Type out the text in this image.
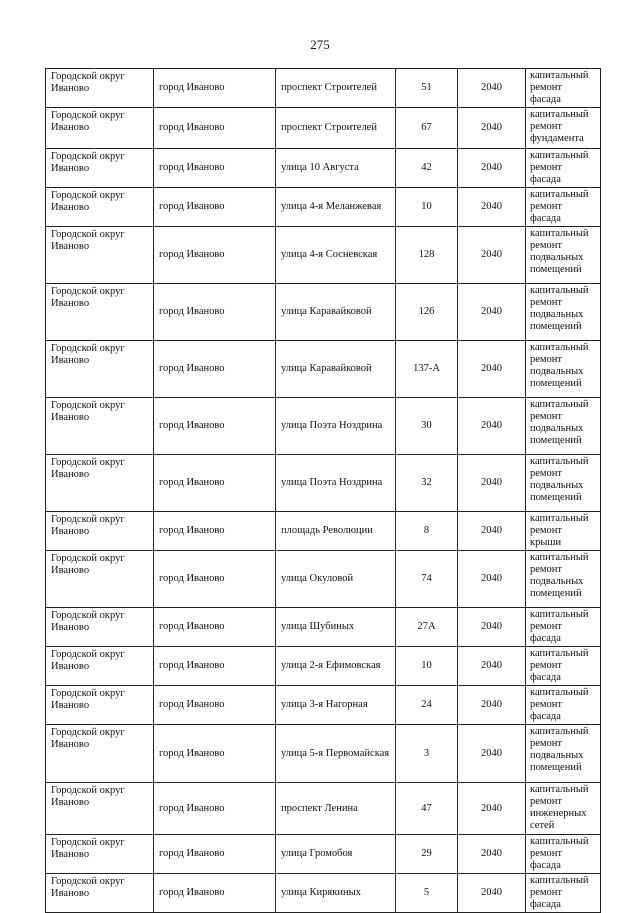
275
Городской округ Иваново	город Иваново	проспект Строителей	51	2040	капитальный ремонт фасада
Городской округ Иваново	город Иваново	проспект Строителей	67	2040	капитальный ремонт фундамента
Городской округ Иваново	город Иваново	улица 10 Августа	42	2040	капитальный ремонт фасада
Городской округ Иваново	город Иваново	улица 4-я Меланжевая	10	2040	капитальный ремонт фасада
Городской округ Иваново	город Иваново	улица 4-я Сосневская	128	2040	капитальный ремонт подвальных помещений
Городской округ Иваново	город Иваново	улица Каравайковой	126	2040	капитальный ремонт подвальных помещений
Городской округ Иваново	город Иваново	улица Каравайковой	137-А	2040	капитальный ремонт подвальных помещений
Городской округ Иваново	город Иваново	улица Поэта Ноздрина	30	2040	капитальный ремонт подвальных помещений
Городской округ Иваново	город Иваново	улица Поэта Ноздрина	32	2040	капитальный ремонт подвальных помещений
Городской округ Иваново	город Иваново	площадь Революции	8	2040	капитальный ремонт крыши
Городской округ Иваново	город Иваново	улица Окуловой	74	2040	капитальный ремонт подвальных помещений
Городской округ Иваново	город Иваново	улица Шубиных	27А	2040	капитальный ремонт фасада
Городской округ Иваново	город Иваново	улица 2-я Ефимовская	10	2040	капитальный ремонт фасада
Городской округ Иваново	город Иваново	улица 3-я Нагорная	24	2040	капитальный ремонт фасада
Городской округ Иваново	город Иваново	улица 5-я Первомайская	3	2040	капитальный ремонт подвальных помещений
Городской округ Иваново	город Иваново	проспект Ленина	47	2040	капитальный ремонт инженерных сетей
Городской округ Иваново	город Иваново	улица Громобоя	29	2040	капитальный ремонт фасада
Городской округ Иваново	город Иваново	улица Кирякиных	5	2040	капитальный ремонт фасада
